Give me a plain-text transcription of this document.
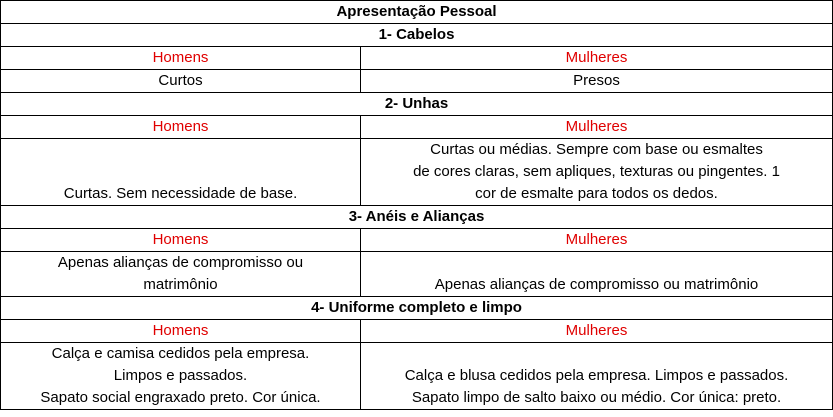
Apresentação Pessoal	
1- Cabelos	
Homens	Mulheres

Curtos	Presos

2- Unhas	
Homens	Mulheres

Curtas. Sem necessidade de base.	Curtas ou médias. Sempre com base ou esmaltes
de cores claras, sem apliques, texturas ou pingentes. 1
cor de esmalte para todos os dedos.

3- Anéis e Alianças	
Homens	Mulheres

Apenas alianças de compromisso ou
matrimônio	Apenas alianças de compromisso ou matrimônio

4- Uniforme completo e limpo	
Homens	Mulheres

Calça e camisa cedidos pela empresa.
Limpos e passados.
Sapato social engraxado preto. Cor única.	Calça e blusa cedidos pela empresa. Limpos e passados.
Sapato limpo de salto baixo ou médio. Cor única: preto.
